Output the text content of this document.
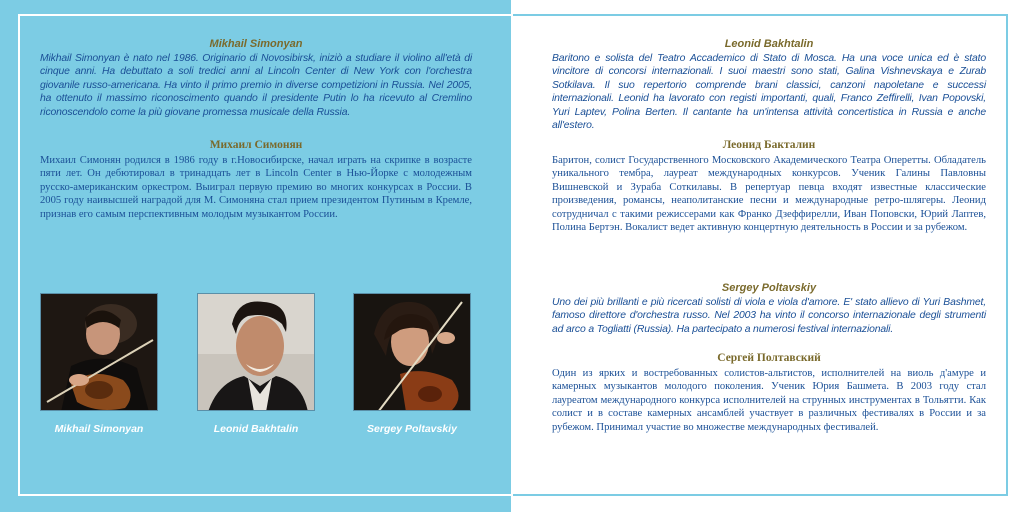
Mikhail Simonyan

Mikhail Simonyan è nato nel 1986. Originario di Novosibirsk, iniziò a studiare il violino all'età di cinque anni. Ha debuttato a soli tredici anni al Lincoln Center di New York con l'orchestra giovanile russo-americana. Ha vinto il primo premio in diverse competizioni in Russia. Nel 2005, ha ottenuto il massimo riconoscimento quando il presidente Putin lo ha ricevuto al Cremlino riconoscendolo come la più giovane promessa musicale della Russia.

Михаил Симонян

Михаил Симонян родился в 1986 году в г.Новосибирске, начал играть на скрипке в возрасте пяти лет. Он дебютировал в тринадцать лет в Lincoln Center в Нью-Йорке с молодежным русско-американским оркестром. Выиграл первую премию во многих конкурсах в России. В 2005 году наивысшей наградой для М. Симоняна стал прием президентом Путиным в Кремле, признав его самым перспективным молодым музыкантом России.

Mikhail Simonyan	Leonid Bakhtalin	Sergey Poltavskiy

Leonid Bakhtalin

Baritono e solista del Teatro Accademico di Stato di Mosca. Ha una voce unica ed è stato vincitore di concorsi internazionali. I suoi maestri sono stati, Galina Vishnevskaya e Zurab Sotkilava. Il suo repertorio comprende brani classici, canzoni napoletane e successi internazionali. Leonid ha lavorato con registi importanti, quali, Franco Zeffirelli, Ivan Popovski, Yuri Laptev, Polina Berten. Il cantante ha un'intensa attività concertistica in Russia e anche all'estero.

Леонид Бакталин

Баритон, солист Государственного Московского Академического Театра Оперетты. Обладатель уникального тембра, лауреат международных конкурсов. Ученик Галины Павловны Вишневской и Зураба Соткилавы. В репертуар певца входят известные классические произведения, романсы, неаполитанские песни и международные ретро-шлягеры. Леонид сотрудничал с такими режиссерами как Франко Дзеффирелли, Иван Поповски, Юрий Лаптев, Полина Бертэн. Вокалист ведет активную концертную деятельность в России и за рубежом.

Sergey Poltavskiy

Uno dei più brillanti e più ricercati solisti di viola e viola d'amore. E' stato allievo di Yuri Bashmet, famoso direttore d'orchestra russo. Nel 2003 ha vinto il concorso internazionale degli strumenti ad arco a Togliatti (Russia). Ha partecipato a numerosi festival internazionali.

Сергей Полтавский

Один из ярких и востребованных солистов-альтистов, исполнителей на виоль д'амуре и камерных музыкантов молодого поколения. Ученик Юрия Башмета. В 2003 году стал лауреатом международного конкурса исполнителей на струнных инструментах в Тольятти. Как солист и в составе камерных ансамблей участвует в различных фестивалях в России и за рубежом. Принимал участие во множестве международных фестивалей.
